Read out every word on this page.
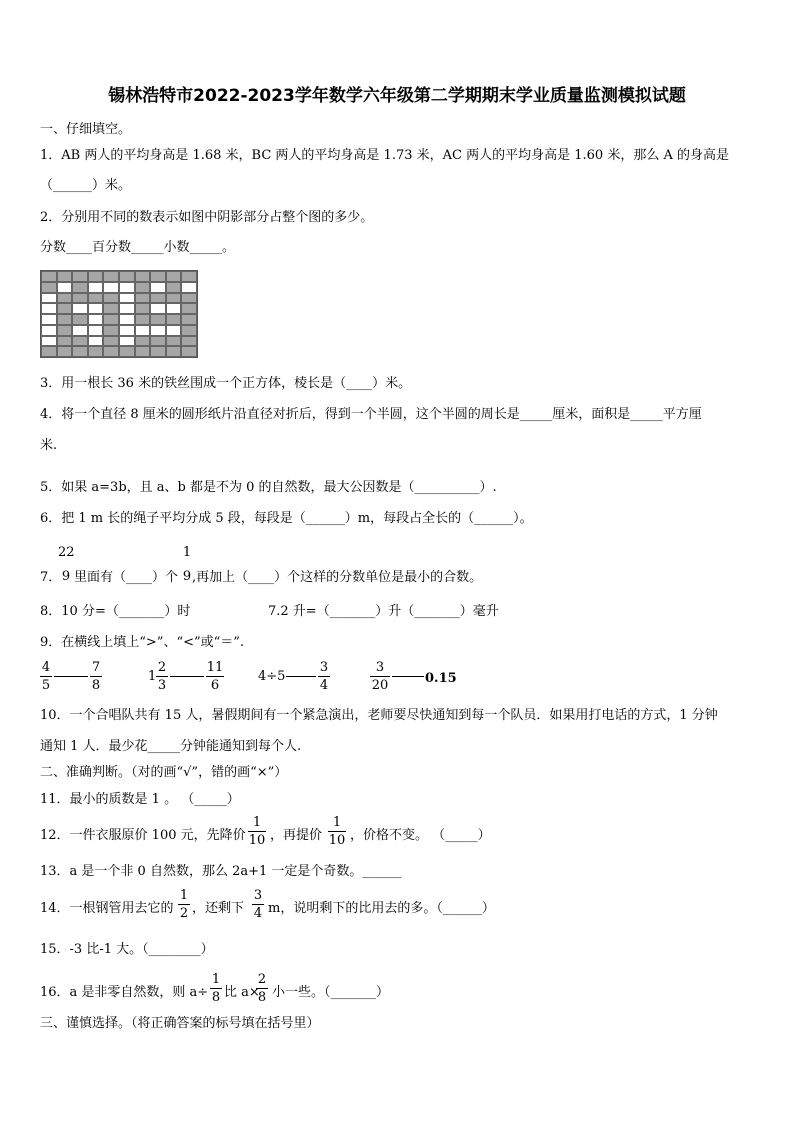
锡林浩特市2022-2023学年数学六年级第二学期期末学业质量监测模拟试题
一、仔细填空。
1．AB 两人的平均身高是 1.68 米，BC 两人的平均身高是 1.73 米，AC 两人的平均身高是 1.60 米，那么 A 的身高是
（______）米。
2．分别用不同的数表示如图中阴影部分占整个图的多少。
分数____百分数_____小数_____。
3．用一根长 36 米的铁丝围成一个正方体，棱长是（____）米。
4．将一个直径 8 厘米的圆形纸片沿直径对折后，得到一个半圆，这个半圆的周长是_____厘米，面积是_____平方厘
米.
5．如果 a=3b，且 a、b 都是不为 0 的自然数，最大公因数是（__________）.
6．把 1 m 长的绳子平均分成 5 段，每段是（______）m，每段占全长的（______）。
7．
22
9 里面有（____）个
1
9 ,再加上（____）个这样的分数单位是最小的合数。
8．10 分=（_______）时	7.2 升=（_______）升（_______）毫升
9．在横线上填上“>”、“<”或“＝”.
4
5
7
8
1
2
3
11
6
4÷5
3
4
3
20	0.15
10．一个合唱队共有 15 人，暑假期间有一个紧急演出，老师要尽快通知到每一个队员．如果用打电话的方式，1 分钟
通知 1 人．最少花_____分钟能通知到每个人.
二、准确判断。（对的画“√”，错的画“×”）
11．最小的质数是 1 。 （_____）
12．一件衣服原价 100 元，先降价
1
10 ，再提价
1
10 ，价格不变。 （_____）
13．a 是一个非 0 自然数，那么 2a+1 一定是个奇数。______
14．一根钢管用去它的
1
2 ，还剩下
3
4 m，说明剩下的比用去的多。（______）
15．-3 比-1 大。（________）
16．a 是非零自然数，则 a÷
1
8 比 a×
2
8 小一些。（_______）
三、谨慎选择。（将正确答案的标号填在括号里）
